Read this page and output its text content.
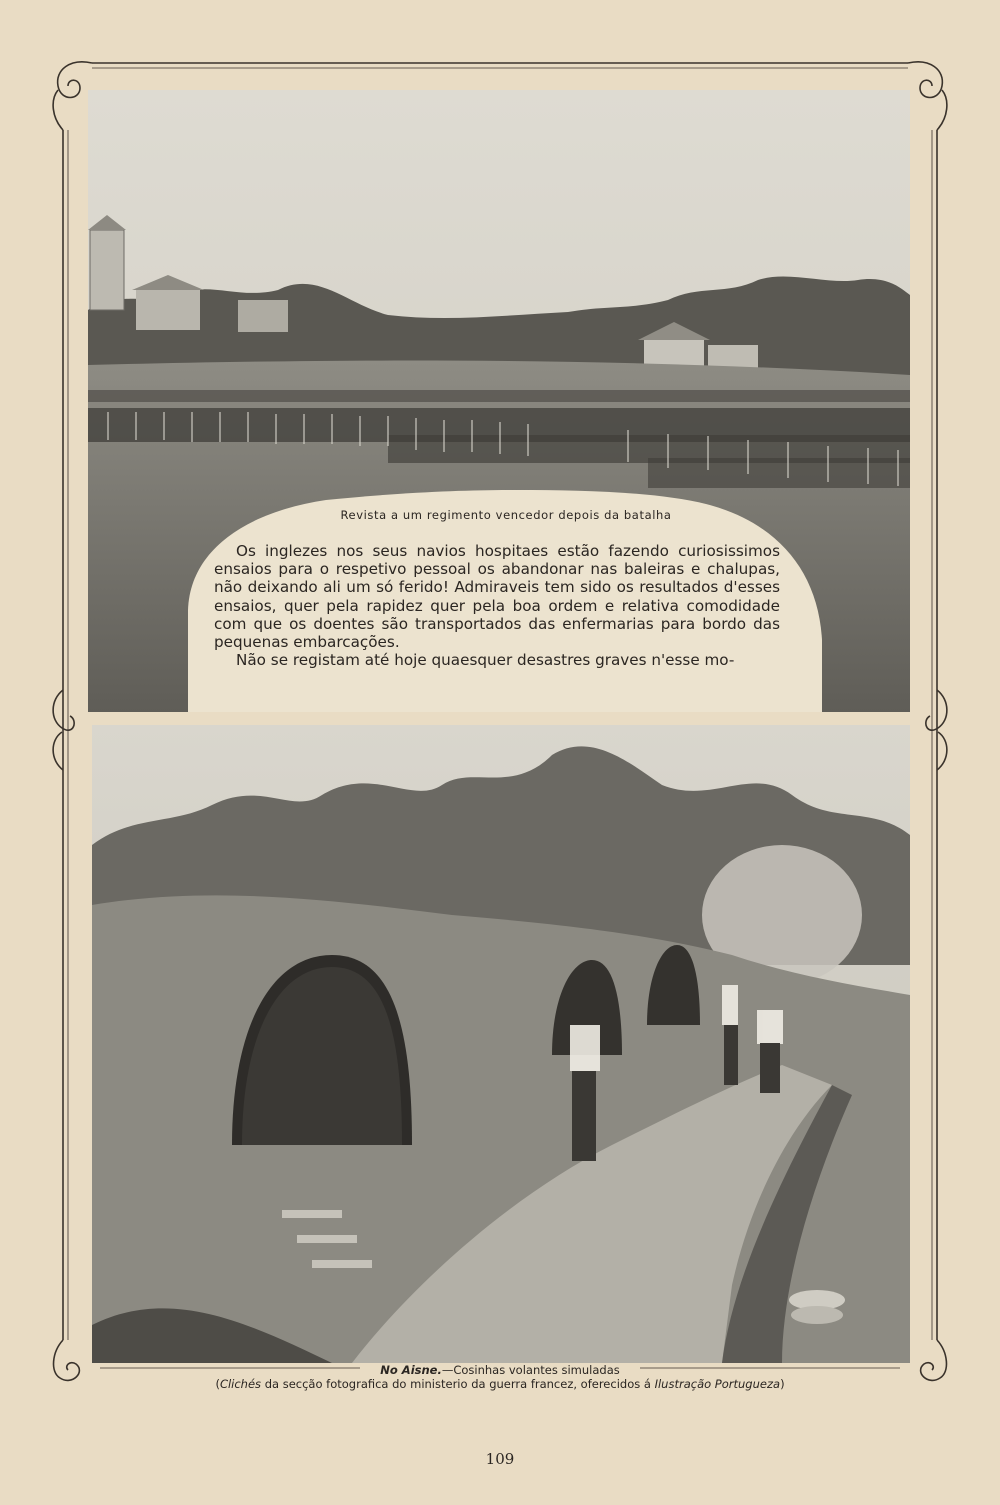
Revista a um regimento vencedor depois da batalha

Os inglezes nos seus navios hospitaes estão fazendo curiosissimos ensaios para o respetivo pessoal os abandonar nas baleiras e chalupas, não deixando ali um só ferido! Admiraveis tem sido os resultados d'esses ensaios, quer pela rapidez quer pela boa ordem e relativa comodidade com que os doentes são transportados das enfermarias para bordo das pequenas embarcações.

Não se registam até hoje quaesquer desastres graves n'esse mo-

No Aisne.—Cosinhas volantes simuladas
(Clichés da secção fotografica do ministerio da guerra francez, oferecidos á Ilustração Portugueza)
109
